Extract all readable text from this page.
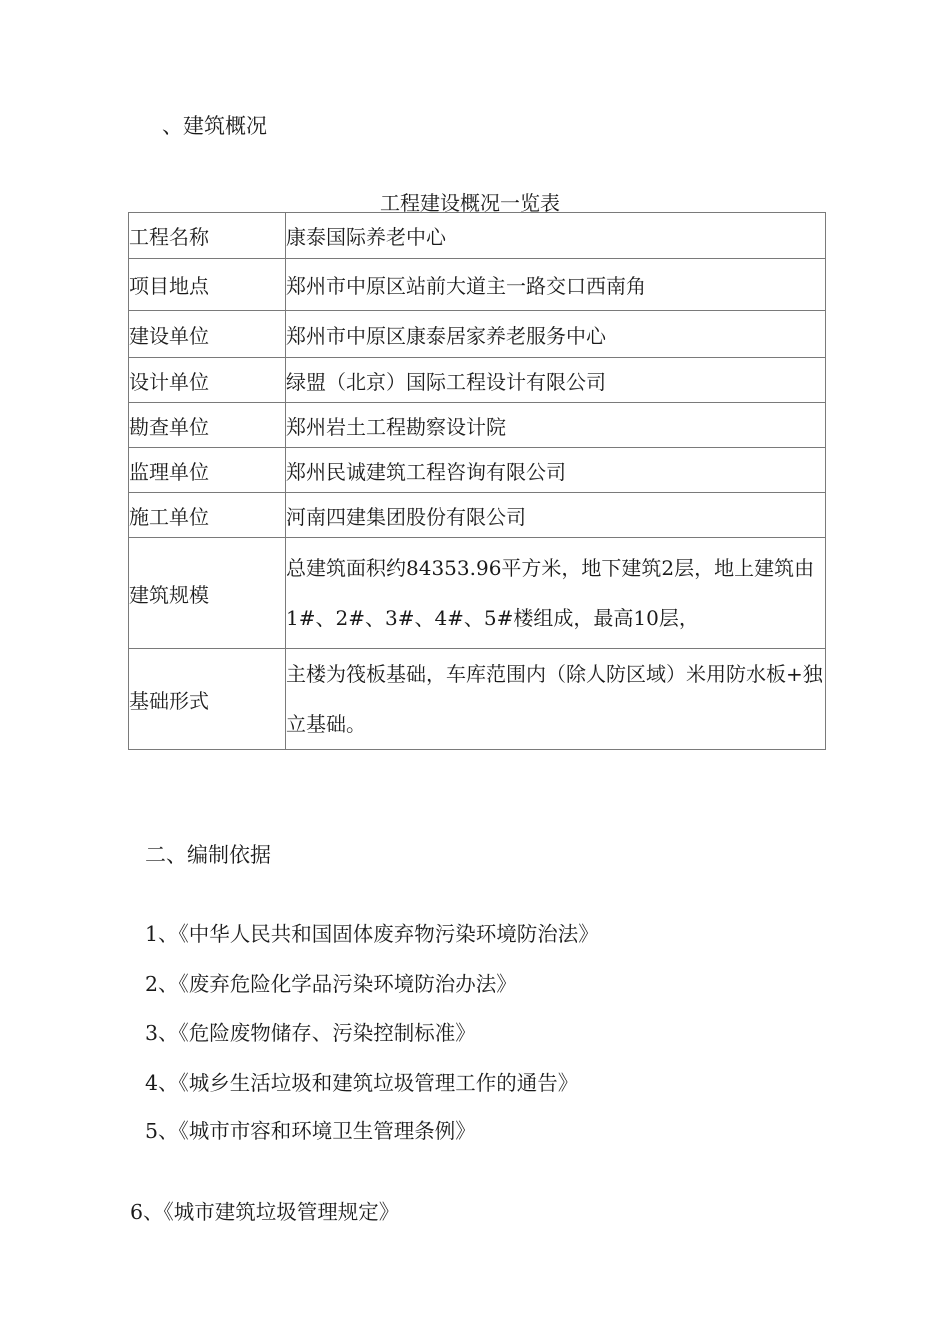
、建筑概况
工程建设概况一览表
工程名称	康泰国际养老中心
项目地点	郑州市中原区站前大道主一路交口西南角
建设单位	郑州市中原区康泰居家养老服务中心
设计单位	绿盟（北京）国际工程设计有限公司
勘查单位	郑州岩土工程勘察设计院
监理单位	郑州民诚建筑工程咨询有限公司
施工单位	河南四建集团股份有限公司
建筑规模	总建筑面积约84353.96平方米，地下建筑2层，地上建筑由1#、2#、3#、4#、5#楼组成，最高10层，
基础形式	主楼为筏板基础，车库范围内（除人防区域）米用防水板+独立基础。
二、编制依据
1、《中华人民共和国固体废弃物污染环境防治法》
2、《废弃危险化学品污染环境防治办法》
3、《危险废物储存、污染控制标准》
4、《城乡生活垃圾和建筑垃圾管理工作的通告》
5、《城市市容和环境卫生管理条例》
6、《城市建筑垃圾管理规定》
